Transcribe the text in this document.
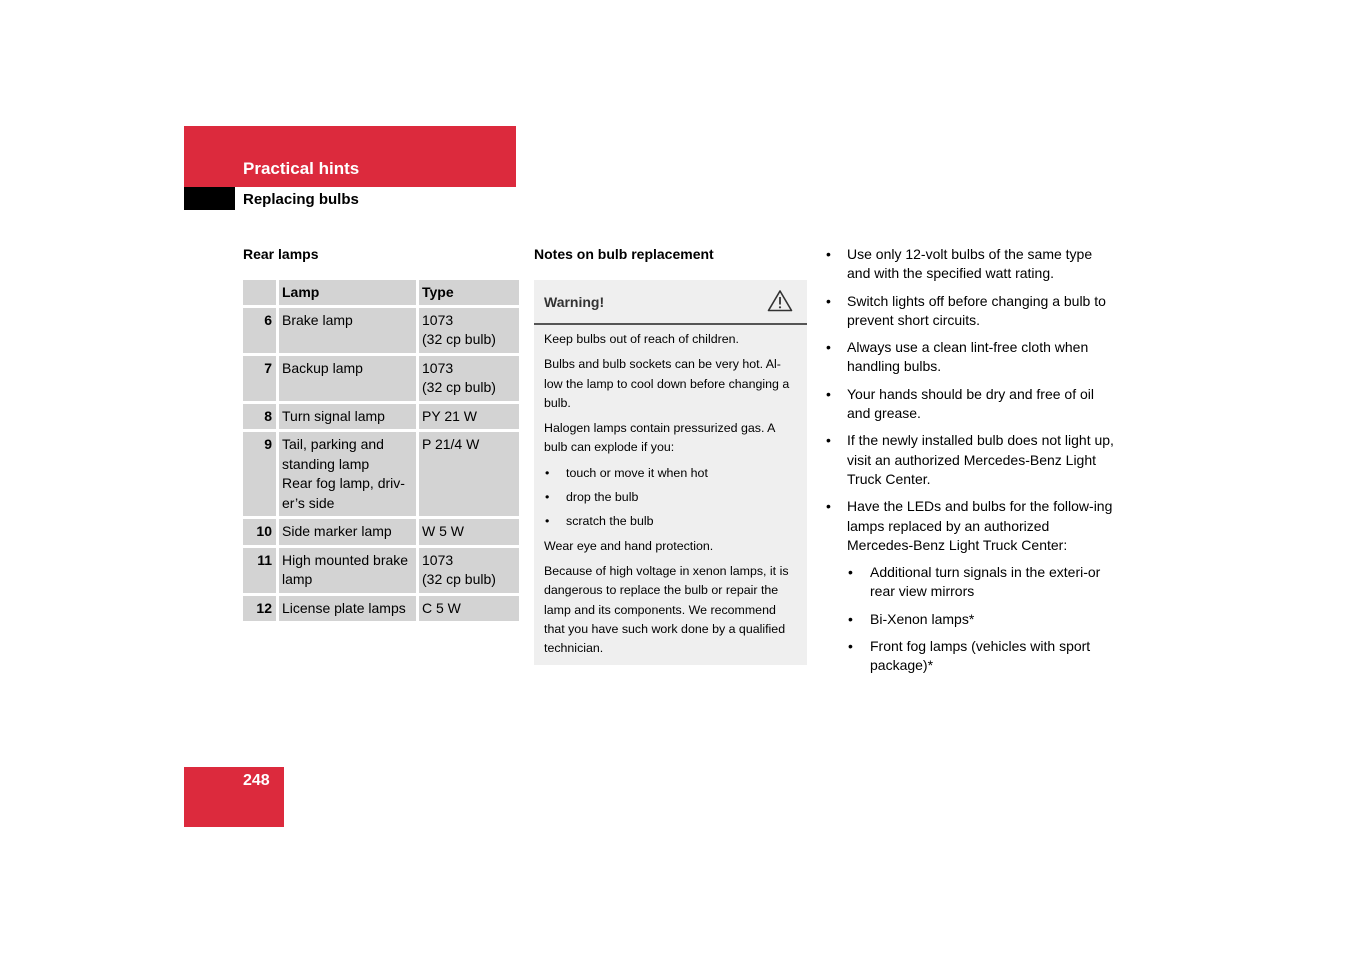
Practical hints
Replacing bulbs
Rear lamps
	Lamp	Type
6	Brake lamp	1073
(32 cp bulb)
7	Backup lamp	1073
(32 cp bulb)
8	Turn signal lamp	PY 21 W
9	Tail, parking and standing lamp
Rear fog lamp, driv-er’s side	P 21/4 W
10	Side marker lamp	W 5 W
11	High mounted brake lamp	1073
(32 cp bulb)
12	License plate lamps	C 5 W
Notes on bulb replacement
Warning!

Keep bulbs out of reach of children.

Bulbs and bulb sockets can be very hot. Al-low the lamp to cool down before changing a bulb.

Halogen lamps contain pressurized gas. A bulb can explode if you:

• touch or move it when hot
• drop the bulb
• scratch the bulb

Wear eye and hand protection.

Because of high voltage in xenon lamps, it is dangerous to replace the bulb or repair the lamp and its components. We recommend that you have such work done by a qualified technician.

• Use only 12-volt bulbs of the same type and with the specified watt rating.
• Switch lights off before changing a bulb to prevent short circuits.
• Always use a clean lint-free cloth when handling bulbs.
• Your hands should be dry and free of oil and grease.
• If the newly installed bulb does not light up, visit an authorized Mercedes-Benz Light Truck Center.
• Have the LEDs and bulbs for the follow-ing lamps replaced by an authorized Mercedes-Benz Light Truck Center:
• Additional turn signals in the exteri-or rear view mirrors
• Bi-Xenon lamps*
• Front fog lamps (vehicles with sport package)*
248
